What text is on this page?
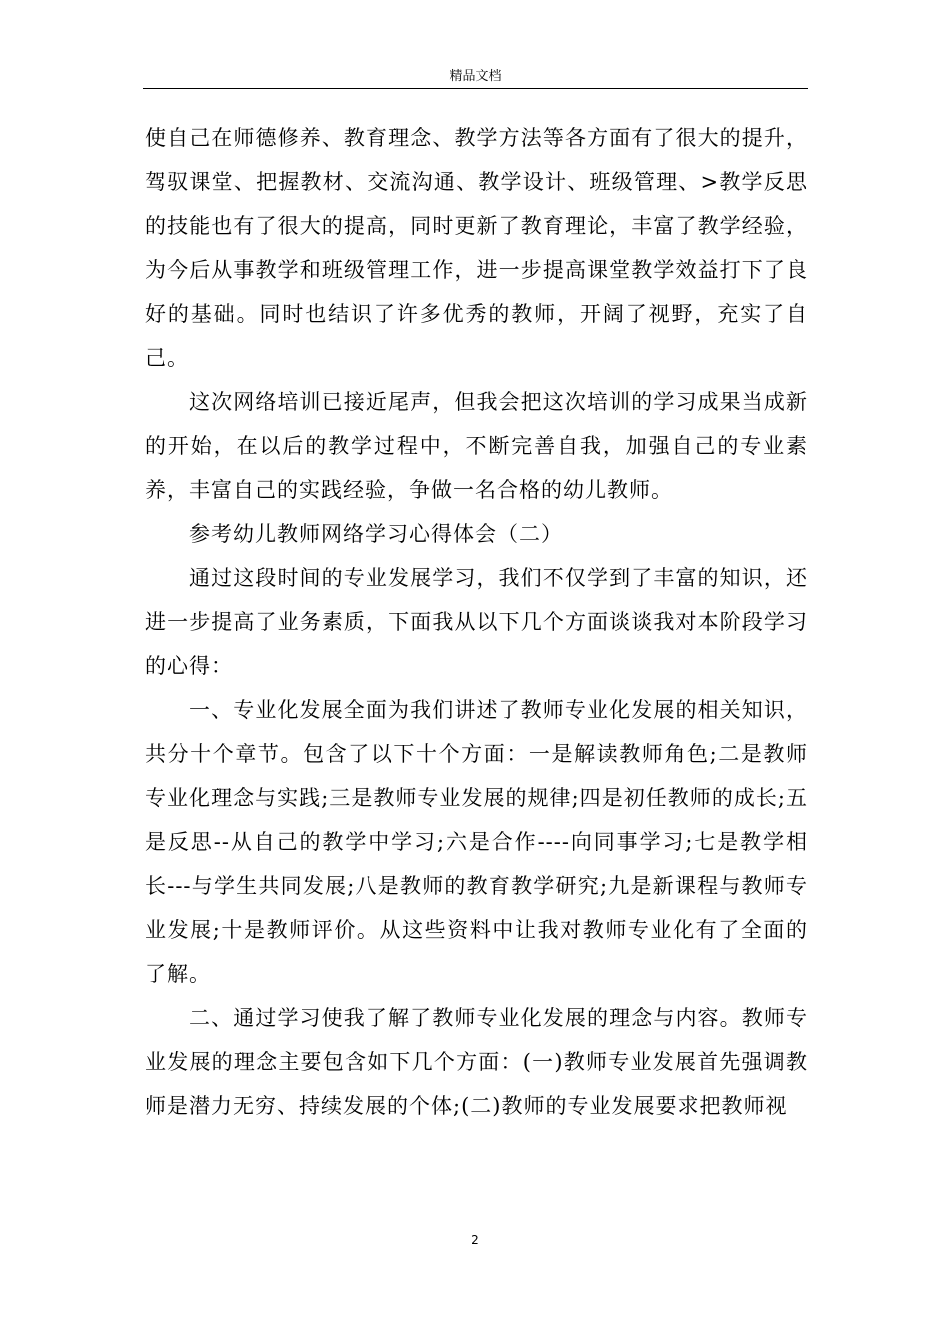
精品文档

使自己在师德修养、教育理念、教学方法等各方面有了很大的提升，驾驭课堂、把握教材、交流沟通、教学设计、班级管理、>教学反思的技能也有了很大的提高，同时更新了教育理论，丰富了教学经验，为今后从事教学和班级管理工作，进一步提高课堂教学效益打下了良好的基础。同时也结识了许多优秀的教师，开阔了视野，充实了自己。

这次网络培训已接近尾声，但我会把这次培训的学习成果当成新的开始，在以后的教学过程中，不断完善自我，加强自己的专业素养，丰富自己的实践经验，争做一名合格的幼儿教师。

参考幼儿教师网络学习心得体会（二）

通过这段时间的专业发展学习，我们不仅学到了丰富的知识，还进一步提高了业务素质，下面我从以下几个方面谈谈我对本阶段学习的心得：

一、专业化发展全面为我们讲述了教师专业化发展的相关知识，共分十个章节。包含了以下十个方面：一是解读教师角色;二是教师专业化理念与实践;三是教师专业发展的规律;四是初任教师的成长;五是反思--从自己的教学中学习;六是合作----向同事学习;七是教学相长---与学生共同发展;八是教师的教育教学研究;九是新课程与教师专业发展;十是教师评价。从这些资料中让我对教师专业化有了全面的了解。

二、通过学习使我了解了教师专业化发展的理念与内容。教师专业发展的理念主要包含如下几个方面：(一)教师专业发展首先强调教师是潜力无穷、持续发展的个体;(二)教师的专业发展要求把教师视

2
